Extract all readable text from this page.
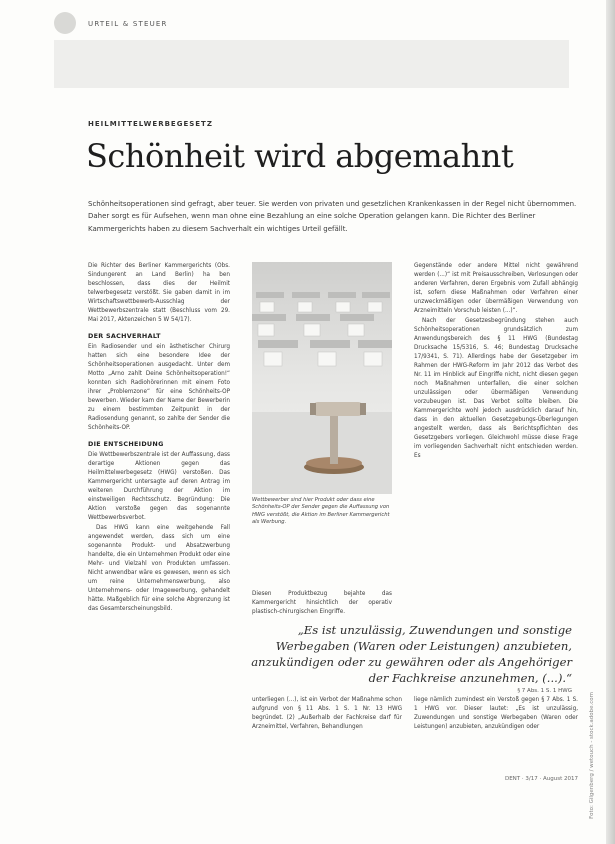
URTEIL & STEUER
HEILMITTELWERBEGESETZ
Schönheit wird abgemahnt

Schönheitsoperationen sind gefragt, aber teuer. Sie werden von privaten und gesetzlichen Krankenkassen in der Regel nicht übernommen. Daher sorgt es für Aufsehen, wenn man ohne eine Bezahlung an eine solche Operation gelangen kann. Die Richter des Berliner Kammergerichts haben zu diesem Sachverhalt ein wichtiges Urteil gefällt.

Die Richter des Berliner Kammergerichts (Obs. Sindungerent an Land Berlin) ha ben beschlossen, dass dies der Heilmit telwerbegesetz verstößt. Sie gaben damit in im Wirtschaftswettbewerb-Ausschlag der Wettbewerbszentrale statt (Beschluss vom 29. Mai 2017, Aktenzeichen 5 W 54/17).

DER SACHVERHALT

Ein Radiosender und ein ästhetischer Chirurg hatten sich eine besondere Idee der Schönheitsoperationen ausgedacht. Unter dem Motto „Arno zahlt Deine Schönheitsoperation!“ konnten sich Radiohörerinnen mit einem Foto ihrer „Problemzone“ für eine Schönheits-OP bewerben. Wieder kam der Name der Bewerberin zu einem bestimmten Zeitpunkt in der Radiosendung genannt, so zahlte der Sender die Schönheits-OP.

DIE ENTSCHEIDUNG

Die Wettbewerbszentrale ist der Auffassung, dass derartige Aktionen gegen das Heilmittelwerbegesetz (HWG) verstoßen. Das Kammergericht untersagte auf deren Antrag im weiteren Durchführung der Aktion im einstweiligen Rechtsschutz. Begründung: Die Aktion verstoße gegen das sogenannte Wettbewerbsverbot.

Das HWG kann eine weitgehende Fall angewendet werden, dass sich um eine sogenannte Produkt- und Absatzwerbung handelte, die ein Unternehmen Produkt oder eine Mehr- und Vielzahl von Produkten umfassen. Nicht anwendbar wäre es gewesen, wenn es sich um reine Unternehmenswerbung, also Unternehmens- oder Imagewerbung, gehandelt hätte. Maßgeblich für eine solche Abgrenzung ist das Gesamterscheinungsbild.

Wettbewerber sind hier Produkt oder dass eine Schönheits-OP der Sender gegen die Auffassung von HWG verstößt, die Aktion im Berliner Kammergericht als Werbung.

Diesen Produktbezug bejahte das Kammergericht hinsichtlich der operativ plastisch-chirurgischen Eingriffe.

Gegenstände oder andere Mittel nicht gewährend werden (...)“ ist mit Preisausschreiben, Verlosungen oder anderen Verfahren, deren Ergebnis vom Zufall abhängig ist, sofern diese Maßnahmen oder Verfahren einer unzweckmäßigen oder übermäßigen Verwendung von Arzneimitteln Vorschub leisten (...)“.

Nach der Gesetzesbegründung stehen auch Schönheitsoperationen grundsätzlich zum Anwendungsbereich des § 11 HWG (Bundestag Drucksache 15/5316, S. 46; Bundestag Drucksache 17/9341, S. 71). Allerdings habe der Gesetzgeber im Rahmen der HWG-Reform im Jahr 2012 das Verbot des Nr. 11 im Hinblick auf Eingriffe nicht, nicht diesen gegen noch Maßnahmen unterfallen, die einer solchen unzulässigen oder übermäßigen Verwendung vorzubeugen ist. Das Verbot sollte bleiben. Die Kammergerichte wohl jedoch ausdrücklich darauf hin, dass in den aktuellen Gesetzgebungs-Überlegungen angestellt werden, dass als Berichtspflichten des Gesetzgebers vorliegen. Gleichwohl müsse diese Frage im vorliegenden Sachverhalt nicht entschieden werden. Es

„Es ist unzulässig, Zuwendungen und sonstige Werbegaben (Waren oder Leistungen) anzubieten, anzukündigen oder zu gewähren oder als Angehöriger der Fachkreise anzunehmen, (...).“
§ 7 Abs. 1 S. 1 HWG

unterliegen (...), ist ein Verbot der Maßnahme schon aufgrund von § 11 Abs. 1 S. 1 Nr. 13 HWG begründet. (2) „Außerhalb der Fachkreise darf für Arzneimittel, Verfahren, Behandlungen

liege nämlich zumindest ein Verstoß gegen § 7 Abs. 1 S. 1 HWG vor. Dieser lautet: „Es ist unzulässig, Zuwendungen und sonstige Werbegaben (Waren oder Leistungen) anzubieten, anzukündigen oder

DENT · 3/17 · August 2017 Foto: Gilgenberg / wetouch - stock.adobe.com
